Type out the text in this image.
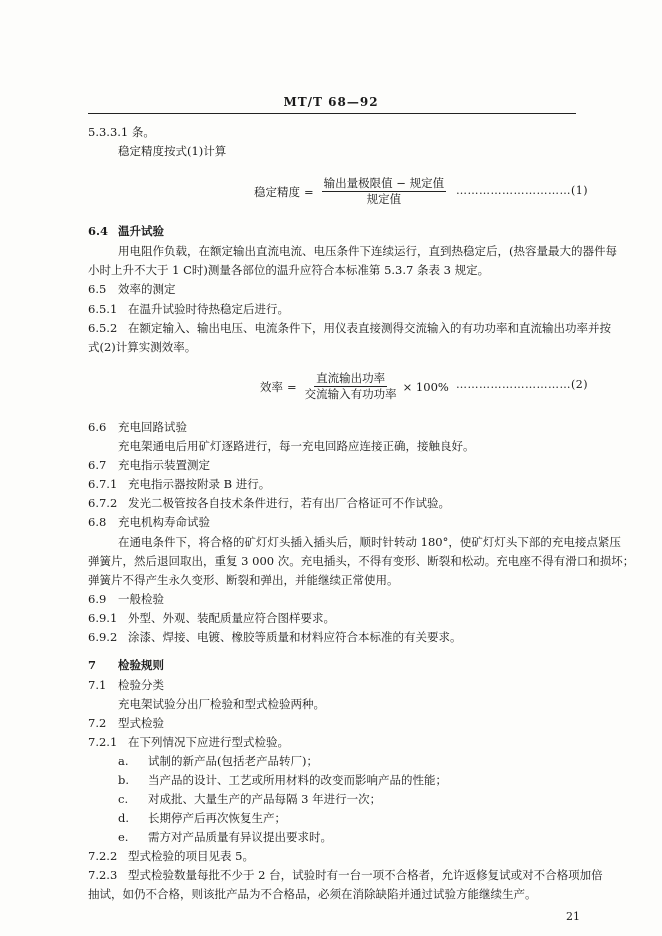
MT/T 68—92
5.3.3.1 条。
稳定精度按式(1)计算
稳定精度 = $\frac{\text{输出量极限值 − 规定值}}{\text{规定值}}$ …………………………(1)
6.4 温升试验
用电阻作负载，在额定输出直流电流、电压条件下连续运行，直到热稳定后，(热容量最大的器件每
小时上升不大于 1 C时)测量各部位的温升应符合本标准第 5.3.7 条表 3 规定。
6.5 效率的测定
6.5.1 在温升试验时待热稳定后进行。
6.5.2 在额定输入、输出电压、电流条件下，用仪表直接测得交流输入的有功功率和直流输出功率并按
式(2)计算实测效率。
效率 = $\frac{\text{直流输出功率}}{\text{交流输入有功功率}} \times 100\%$ …………………………(2)
6.6 充电回路试验
充电架通电后用矿灯逐路进行，每一充电回路应连接正确，接触良好。
6.7 充电指示装置测定
6.7.1 充电指示器按附录 B 进行。
6.7.2 发光二极管按各自技术条件进行，若有出厂合格证可不作试验。
6.8 充电机构寿命试验
在通电条件下，将合格的矿灯灯头插入插头后，顺时针转动 180°，使矿灯灯头下部的充电接点紧压
弹簧片，然后退回取出，重复 3 000 次。充电插头，不得有变形、断裂和松动。充电座不得有滑口和损坏；
弹簧片不得产生永久变形、断裂和弹出，并能继续正常使用。
6.9 一般检验
6.9.1 外型、外观、装配质量应符合图样要求。
6.9.2 涂漆、焊接、电镀、橡胶等质量和材料应符合本标准的有关要求。
7 检验规则
7.1 检验分类
充电架试验分出厂检验和型式检验两种。
7.2 型式检验
7.2.1 在下列情况下应进行型式检验。
a. 试制的新产品(包括老产品转厂)；
b. 当产品的设计、工艺或所用材料的改变而影响产品的性能；
c. 对成批、大量生产的产品每隔 3 年进行一次；
d. 长期停产后再次恢复生产；
e. 需方对产品质量有异议提出要求时。
7.2.2 型式检验的项目见表 5。
7.2.3 型式检验数量每批不少于 2 台，试验时有一台一项不合格者，允许返修复试或对不合格项加倍
抽试，如仍不合格，则该批产品为不合格品，必须在消除缺陷并通过试验方能继续生产。
21
